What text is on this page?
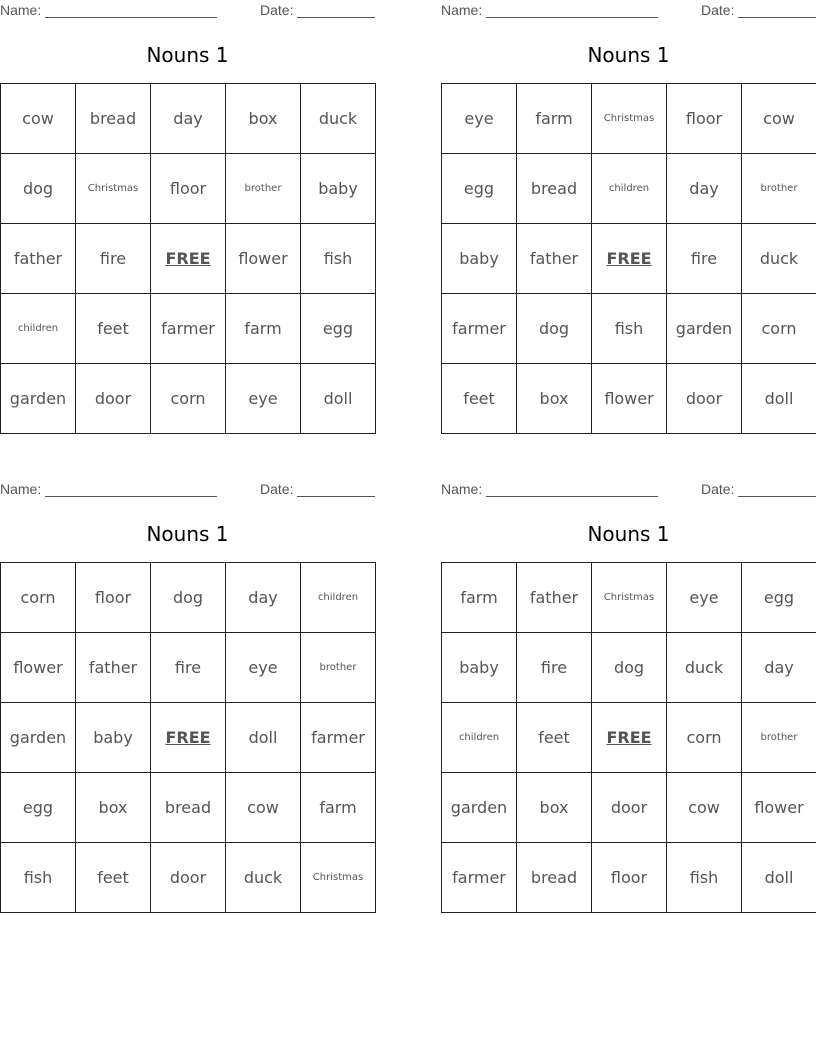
Name:	Date:
Nouns 1
cow	bread	day	box	duck
dog	Christmas	floor	brother	baby
father	fire	FREE	flower	fish
children	feet	farmer	farm	egg
garden	door	corn	eye	doll
Name:	Date:
Nouns 1
eye	farm	Christmas	floor	cow
egg	bread	children	day	brother
baby	father	FREE	fire	duck
farmer	dog	fish	garden	corn
feet	box	flower	door	doll
Name:	Date:
Nouns 1
corn	floor	dog	day	children
flower	father	fire	eye	brother
garden	baby	FREE	doll	farmer
egg	box	bread	cow	farm
fish	feet	door	duck	Christmas
Name:	Date:
Nouns 1
farm	father	Christmas	eye	egg
baby	fire	dog	duck	day
children	feet	FREE	corn	brother
garden	box	door	cow	flower
farmer	bread	floor	fish	doll
